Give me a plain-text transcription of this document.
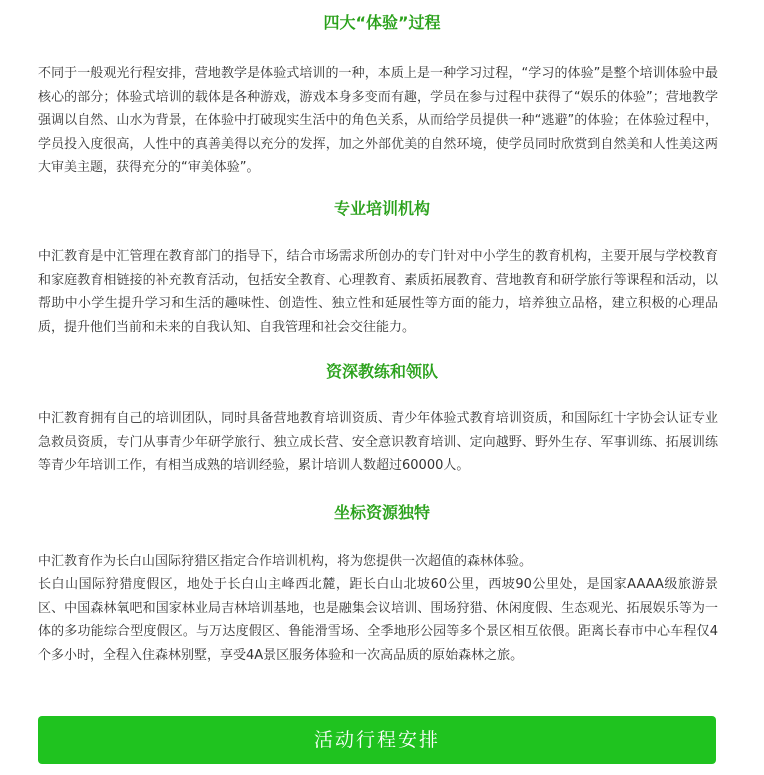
四大“体验”过程

不同于一般观光行程安排，营地教学是体验式培训的一种，本质上是一种学习过程，“学习的体验”是整个培训体验中最核心的部分；体验式培训的载体是各种游戏，游戏本身多变而有趣，学员在参与过程中获得了“娱乐的体验”；营地教学强调以自然、山水为背景，在体验中打破现实生活中的角色关系，从而给学员提供一种“逃避”的体验；在体验过程中，学员投入度很高，人性中的真善美得以充分的发挥，加之外部优美的自然环境，使学员同时欣赏到自然美和人性美这两大审美主题，获得充分的“审美体验”。

专业培训机构

中汇教育是中汇管理在教育部门的指导下，结合市场需求所创办的专门针对中小学生的教育机构，主要开展与学校教育和家庭教育相链接的补充教育活动，包括安全教育、心理教育、素质拓展教育、营地教育和研学旅行等课程和活动，以帮助中小学生提升学习和生活的趣味性、创造性、独立性和延展性等方面的能力，培养独立品格，建立积极的心理品质，提升他们当前和未来的自我认知、自我管理和社会交往能力。

资深教练和领队

中汇教育拥有自己的培训团队，同时具备营地教育培训资质、青少年体验式教育培训资质，和国际红十字协会认证专业急救员资质，专门从事青少年研学旅行、独立成长营、安全意识教育培训、定向越野、野外生存、军事训练、拓展训练等青少年培训工作，有相当成熟的培训经验，累计培训人数超过60000人。

坐标资源独特

中汇教育作为长白山国际狩猎区指定合作培训机构，将为您提供一次超值的森林体验。

长白山国际狩猎度假区，地处于长白山主峰西北麓，距长白山北坡60公里，西坡90公里处，是国家AAAA级旅游景区、中国森林氧吧和国家林业局吉林培训基地，也是融集会议培训、围场狩猎、休闲度假、生态观光、拓展娱乐等为一体的多功能综合型度假区。与万达度假区、鲁能滑雪场、全季地形公园等多个景区相互依偎。距离长春市中心车程仅4个多小时，全程入住森林别墅，享受4A景区服务体验和一次高品质的原始森林之旅。

活动行程安排
